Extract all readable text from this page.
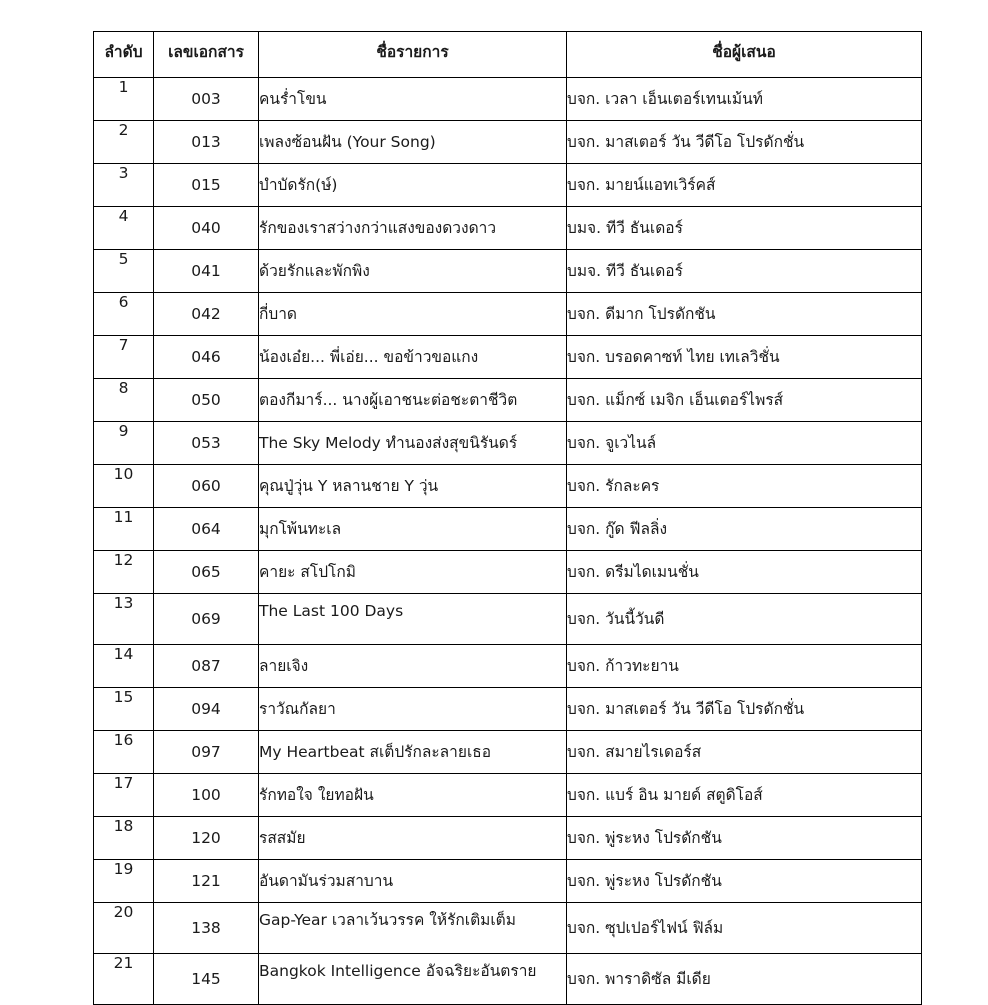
ลำดับ	เลขเอกสาร	ชื่อรายการ	ชื่อผู้เสนอ
1	003	คนร่ำโขน	บจก. เวลา เอ็นเตอร์เทนเม้นท์
2	013	เพลงซ้อนฝัน (Your Song)	บจก. มาสเตอร์ วัน วีดีโอ โปรดักชั่น
3	015	บำบัดรัก(ษ์)	บจก. มายน์แอทเวิร์คส์
4	040	รักของเราสว่างกว่าแสงของดวงดาว	บมจ. ทีวี ธันเดอร์
5	041	ด้วยรักและพักพิง	บมจ. ทีวี ธันเดอร์
6	042	กี่บาด	บจก. ดีมาก โปรดักชัน
7	046	น้องเอ๋ย... พี่เอ่ย... ขอข้าวขอแกง	บจก. บรอดคาซท์ ไทย เทเลวิชั่น
8	050	ตองกีมาร์... นางผู้เอาชนะต่อชะตาชีวิต	บจก. แม็กซ์ เมจิก เอ็นเตอร์ไพรส์
9	053	The Sky Melody ทำนองส่งสุขนิรันดร์	บจก. จูเวไนล์
10	060	คุณปู่วุ่น Y หลานชาย Y วุ่น	บจก. รักละคร
11	064	มุกโพ้นทะเล	บจก. กู๊ด ฟีลลิ่ง
12	065	คายะ สโปโกมิ	บจก. ดรีมไดเมนชั่น
13	069	The Last 100 Days	บจก. วันนี้วันดี
14	087	ลายเจิง	บจก. ก้าวทะยาน
15	094	ราวัณกัลยา	บจก. มาสเตอร์ วัน วีดีโอ โปรดักชั่น
16	097	My Heartbeat สเต็ปรักละลายเธอ	บจก. สมายไรเดอร์ส
17	100	รักทอใจ ใยทอฝัน	บจก. แบร์ อิน มายด์ สตูดิโอส์
18	120	รสสมัย	บจก. พู่ระหง โปรดักชัน
19	121	อันดามันร่วมสาบาน	บจก. พู่ระหง โปรดักชัน
20	138	Gap-Year เวลาเว้นวรรค ให้รักเติมเต็ม	บจก. ซุปเปอร์ไฟน์ ฟิล์ม
21	145	Bangkok Intelligence อัจฉริยะอันตราย	บจก. พาราดิซัล มีเดีย
